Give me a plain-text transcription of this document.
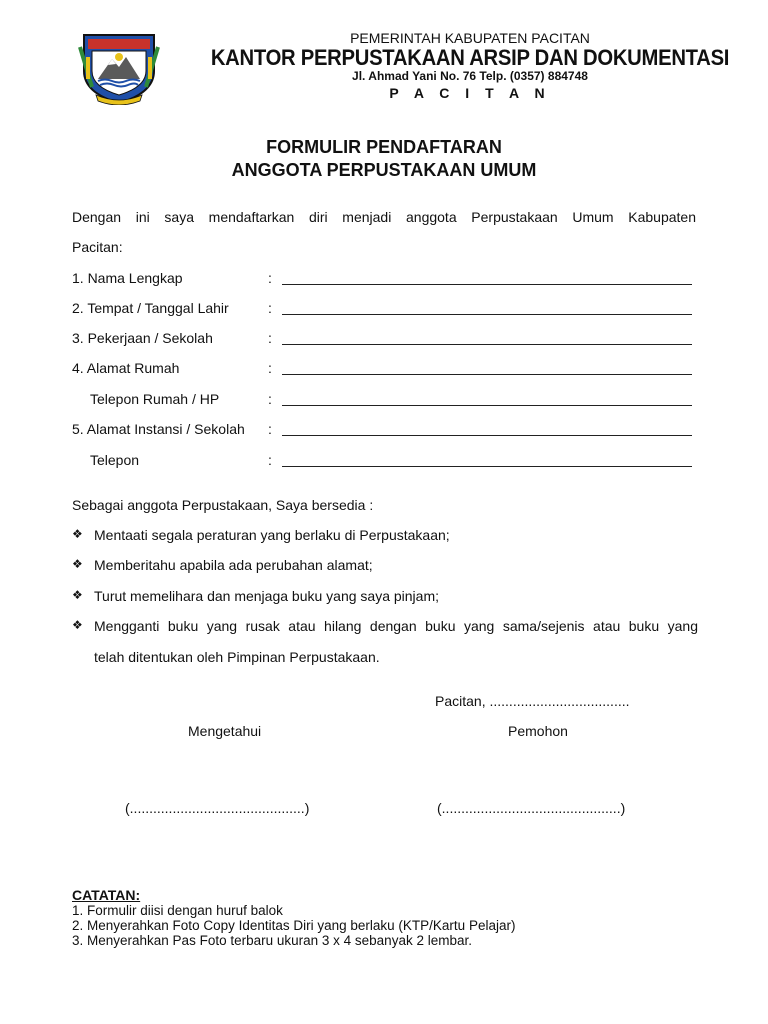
PEMERINTAH KABUPATEN PACITAN
KANTOR PERPUSTAKAAN ARSIP DAN DOKUMENTASI
Jl. Ahmad Yani No. 76 Telp. (0357) 884748
P A C I T A N
FORMULIR PENDAFTARAN
ANGGOTA PERPUSTAKAAN UMUM
Dengan ini saya mendaftarkan diri menjadi anggota Perpustakaan Umum Kabupaten
Pacitan:
1. Nama Lengkap	:
2. Tempat / Tanggal Lahir	:
3. Pekerjaan / Sekolah	:
4. Alamat Rumah	:
Telepon Rumah / HP	:
5. Alamat Instansi / Sekolah :
Telepon	:
Sebagai anggota Perpustakaan, Saya bersedia :
❖ Mentaati segala peraturan yang berlaku di Perpustakaan;
❖ Memberitahu apabila ada perubahan alamat;
❖ Turut memelihara dan menjaga buku yang saya pinjam;
❖ Mengganti buku yang rusak atau hilang dengan buku yang sama/sejenis atau buku yang
telah ditentukan oleh Pimpinan Perpustakaan.
Pacitan, ....................................
Mengetahui	Pemohon
(.............................................)	(..............................................)
CATATAN:
1. Formulir diisi dengan huruf balok
2. Menyerahkan Foto Copy Identitas Diri yang berlaku (KTP/Kartu Pelajar)
3. Menyerahkan Pas Foto terbaru ukuran 3 x 4 sebanyak 2 lembar.
